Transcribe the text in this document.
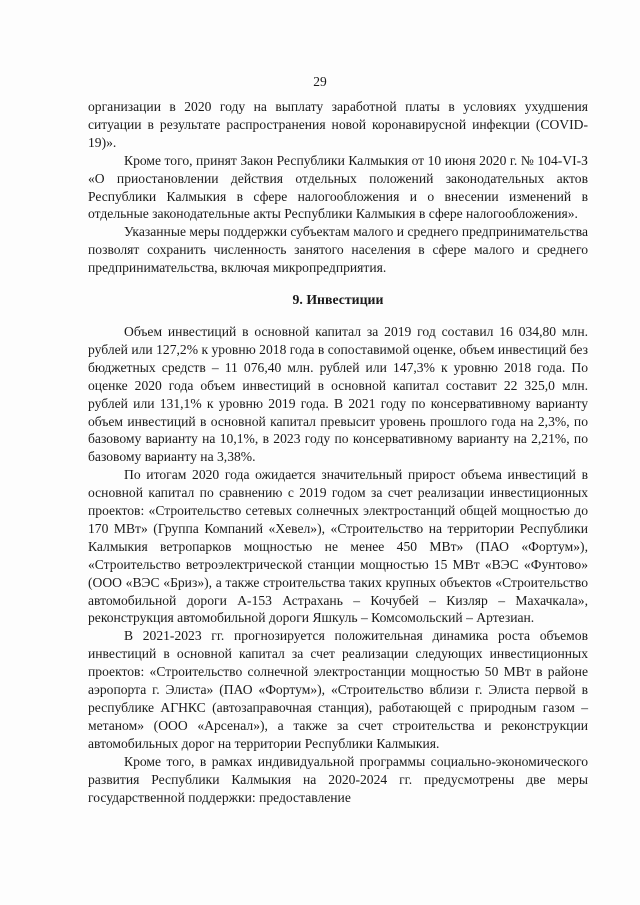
29

организации в 2020 году на выплату заработной платы в условиях ухудшения ситуации в результате распространения новой коронавирусной инфекции (COVID-19)».

Кроме того, принят Закон Республики Калмыкия от 10 июня 2020 г. № 104-VI-З «О приостановлении действия отдельных положений законодательных актов Республики Калмыкия в сфере налогообложения и о внесении изменений в отдельные законодательные акты Республики Калмыкия в сфере налогообложения».

Указанные меры поддержки субъектам малого и среднего предпринимательства позволят сохранить численность занятого населения в сфере малого и среднего предпринимательства, включая микропредприятия.

9. Инвестиции

Объем инвестиций в основной капитал за 2019 год составил 16 034,80 млн. рублей или 127,2% к уровню 2018 года в сопоставимой оценке, объем инвестиций без бюджетных средств – 11 076,40 млн. рублей или 147,3% к уровню 2018 года. По оценке 2020 года объем инвестиций в основной капитал составит 22 325,0 млн. рублей или 131,1% к уровню 2019 года. В 2021 году по консервативному варианту объем инвестиций в основной капитал превысит уровень прошлого года на 2,3%, по базовому варианту на 10,1%, в 2023 году по консервативному варианту на 2,21%, по базовому варианту на 3,38%.

По итогам 2020 года ожидается значительный прирост объема инвестиций в основной капитал по сравнению с 2019 годом за счет реализации инвестиционных проектов: «Строительство сетевых солнечных электростанций общей мощностью до 170 МВт» (Группа Компаний «Хевел»), «Строительство на территории Республики Калмыкия ветропарков мощностью не менее 450 МВт» (ПАО «Фортум»), «Строительство ветроэлектрической станции мощностью 15 МВт «ВЭС «Фунтово» (ООО «ВЭС «Бриз»), а также строительства таких крупных объектов «Строительство автомобильной дороги А-153 Астрахань – Кочубей – Кизляр – Махачкала», реконструкция автомобильной дороги Яшкуль – Комсомольский – Артезиан.

В 2021-2023 гг. прогнозируется положительная динамика роста объемов инвестиций в основной капитал за счет реализации следующих инвестиционных проектов: «Строительство солнечной электростанции мощностью 50 МВт в районе аэропорта г. Элиста» (ПАО «Фортум»), «Строительство вблизи г. Элиста первой в республике АГНКС (автозаправочная станция), работающей с природным газом – метаном» (ООО «Арсенал»), а также за счет строительства и реконструкции автомобильных дорог на территории Республики Калмыкия.

Кроме того, в рамках индивидуальной программы социально-экономического развития Республики Калмыкия на 2020-2024 гг. предусмотрены две меры государственной поддержки: предоставление
